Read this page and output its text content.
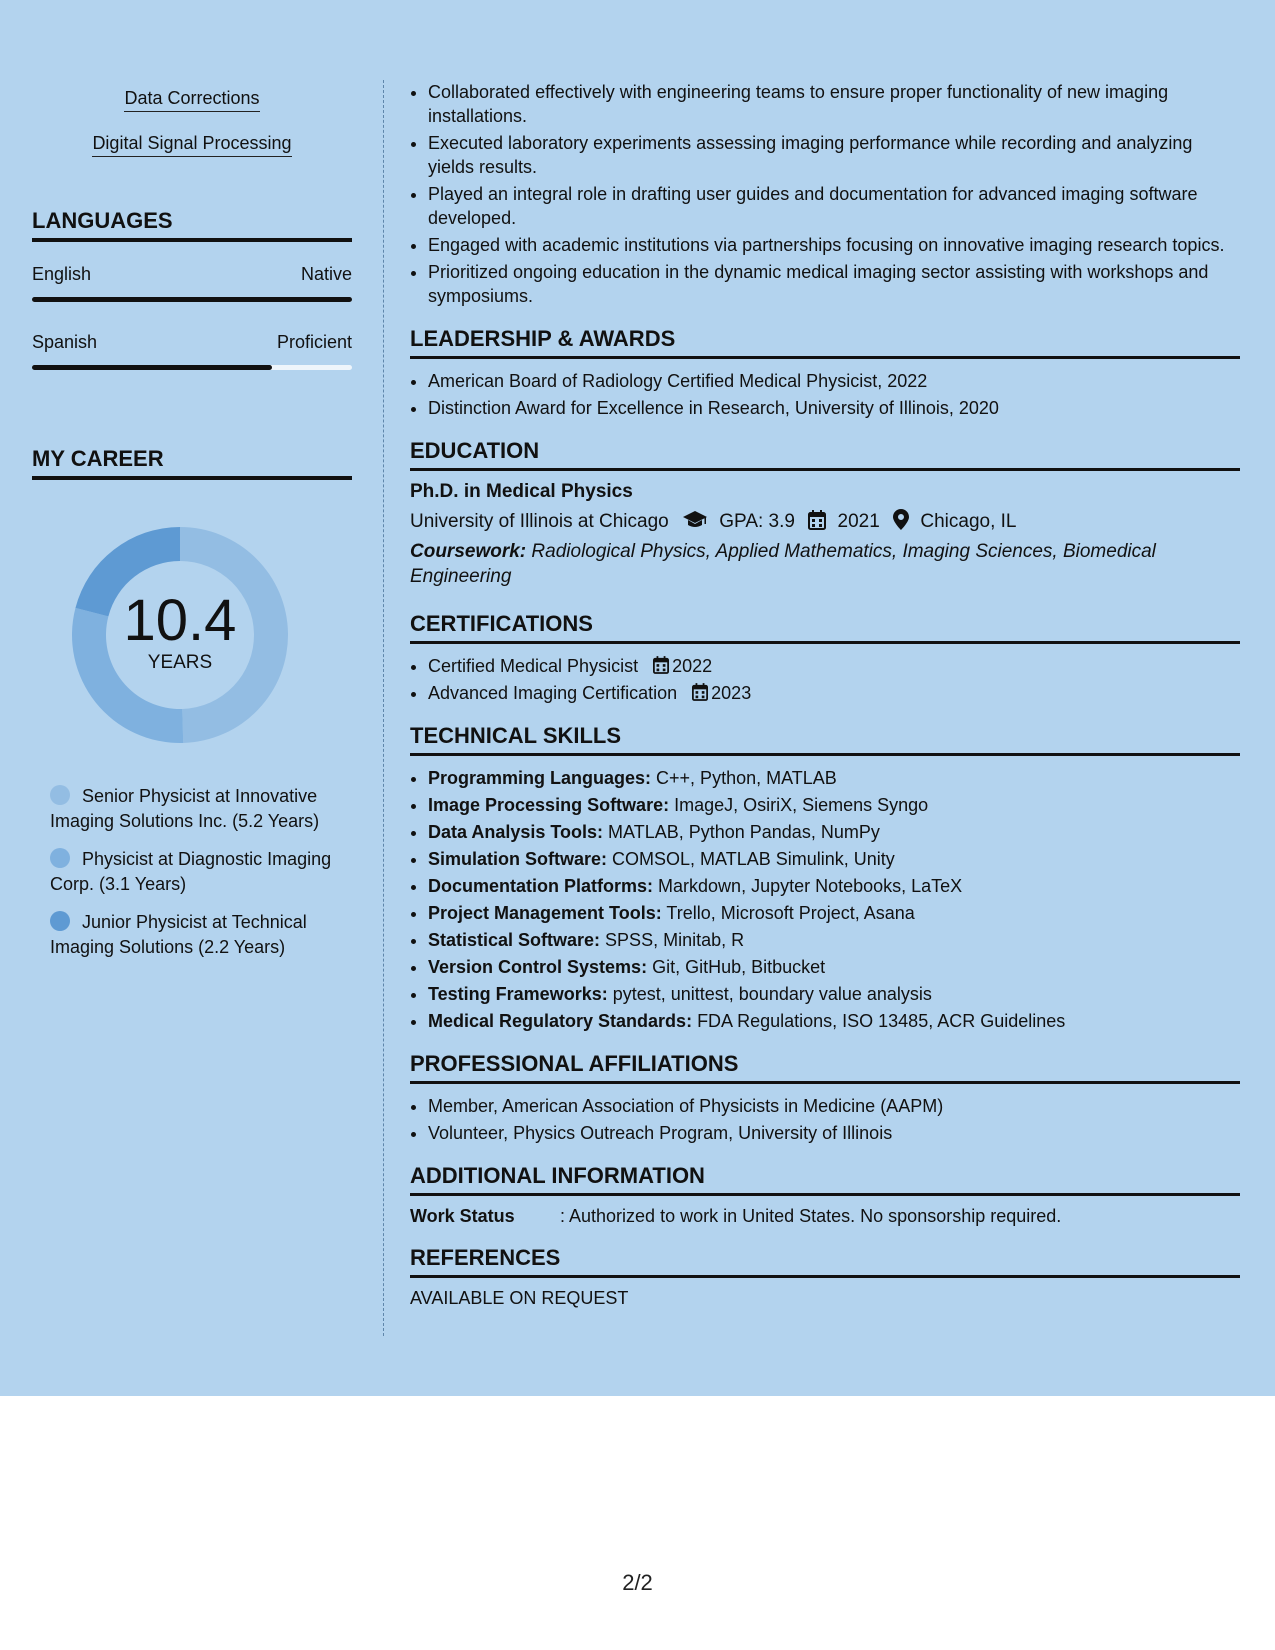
Data Corrections
Digital Signal Processing
LANGUAGES
English	Native
Spanish	Proficient
MY CAREER
10.4
YEARS
Senior Physicist at Innovative Imaging Solutions Inc. (5.2 Years)
Physicist at Diagnostic Imaging Corp. (3.1 Years)
Junior Physicist at Technical Imaging Solutions (2.2 Years)
• Collaborated effectively with engineering teams to ensure proper functionality of new imaging installations.
• Executed laboratory experiments assessing imaging performance while recording and analyzing yields results.
• Played an integral role in drafting user guides and documentation for advanced imaging software developed.
• Engaged with academic institutions via partnerships focusing on innovative imaging research topics.
• Prioritized ongoing education in the dynamic medical imaging sector assisting with workshops and symposiums.
LEADERSHIP & AWARDS
• American Board of Radiology Certified Medical Physicist, 2022
• Distinction Award for Excellence in Research, University of Illinois, 2020
EDUCATION
Ph.D. in Medical Physics
University of Illinois at Chicago	GPA: 3.9 2021 Chicago, IL
Coursework: Radiological Physics, Applied Mathematics, Imaging Sciences, Biomedical Engineering
CERTIFICATIONS
• Certified Medical Physicist 2022
• Advanced Imaging Certification 2023
TECHNICAL SKILLS
• Programming Languages: C++, Python, MATLAB
• Image Processing Software: ImageJ, OsiriX, Siemens Syngo
• Data Analysis Tools: MATLAB, Python Pandas, NumPy
• Simulation Software: COMSOL, MATLAB Simulink, Unity
• Documentation Platforms: Markdown, Jupyter Notebooks, LaTeX
• Project Management Tools: Trello, Microsoft Project, Asana
• Statistical Software: SPSS, Minitab, R
• Version Control Systems: Git, GitHub, Bitbucket
• Testing Frameworks: pytest, unittest, boundary value analysis
• Medical Regulatory Standards: FDA Regulations, ISO 13485, ACR Guidelines
PROFESSIONAL AFFILIATIONS
• Member, American Association of Physicists in Medicine (AAPM)
• Volunteer, Physics Outreach Program, University of Illinois
ADDITIONAL INFORMATION
Work Status	: Authorized to work in United States. No sponsorship required.
REFERENCES
AVAILABLE ON REQUEST
2/2
